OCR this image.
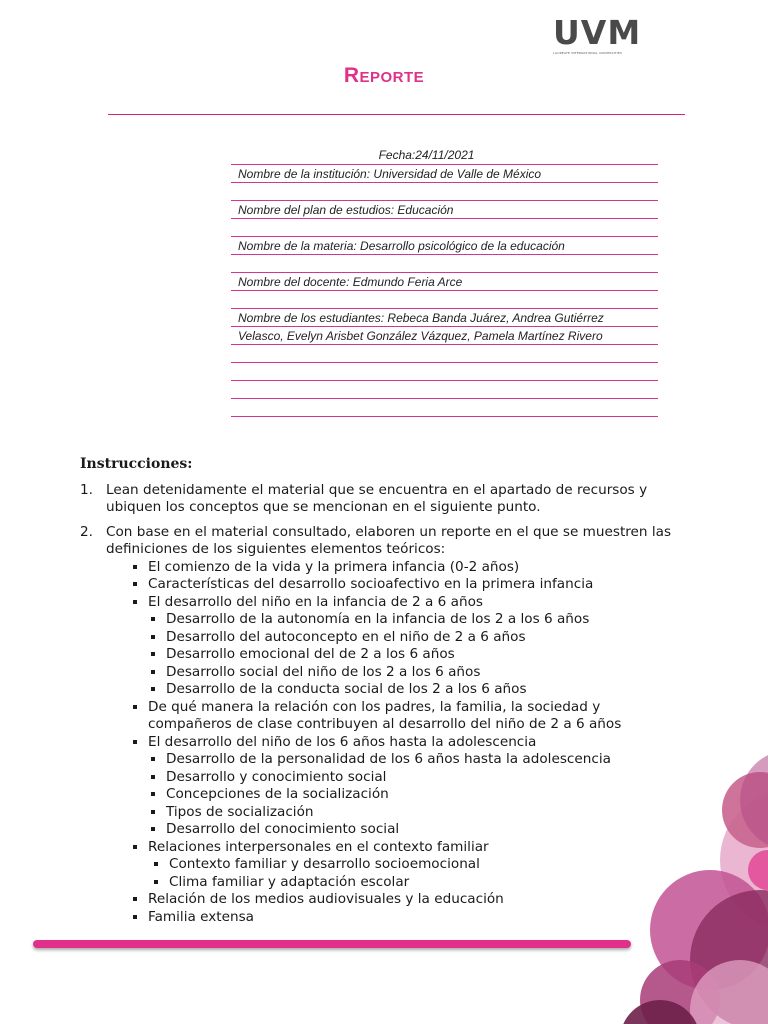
UVM
LAUREATE INTERNATIONAL UNIVERSITIES
Reporte
Fecha:24/11/2021
Nombre de la institución: Universidad de Valle de México
Nombre del plan de estudios: Educación
Nombre de la materia: Desarrollo psicológico de la educación
Nombre del docente: Edmundo Feria Arce
Nombre de los estudiantes: Rebeca Banda Juárez, Andrea Gutiérrez
Velasco, Evelyn Arisbet González Vázquez, Pamela Martínez Rivero
Instrucciones:
1. Lean detenidamente el material que se encuentra en el apartado de recursos y
ubiquen los conceptos que se mencionan en el siguiente punto.
2. Con base en el material consultado, elaboren un reporte en el que se muestren las
definiciones de los siguientes elementos teóricos:
El comienzo de la vida y la primera infancia (0-2 años)
Características del desarrollo socioafectivo en la primera infancia
El desarrollo del niño en la infancia de 2 a 6 años
Desarrollo de la autonomía en la infancia de los 2 a los 6 años
Desarrollo del autoconcepto en el niño de 2 a 6 años
Desarrollo emocional del de 2 a los 6 años
Desarrollo social del niño de los 2 a los 6 años
Desarrollo de la conducta social de los 2 a los 6 años
De qué manera la relación con los padres, la familia, la sociedad y
compañeros de clase contribuyen al desarrollo del niño de 2 a 6 años
El desarrollo del niño de los 6 años hasta la adolescencia
Desarrollo de la personalidad de los 6 años hasta la adolescencia
Desarrollo y conocimiento social
Concepciones de la socialización
Tipos de socialización
Desarrollo del conocimiento social
Relaciones interpersonales en el contexto familiar
Contexto familiar y desarrollo socioemocional
Clima familiar y adaptación escolar
Relación de los medios audiovisuales y la educación
Familia extensa
